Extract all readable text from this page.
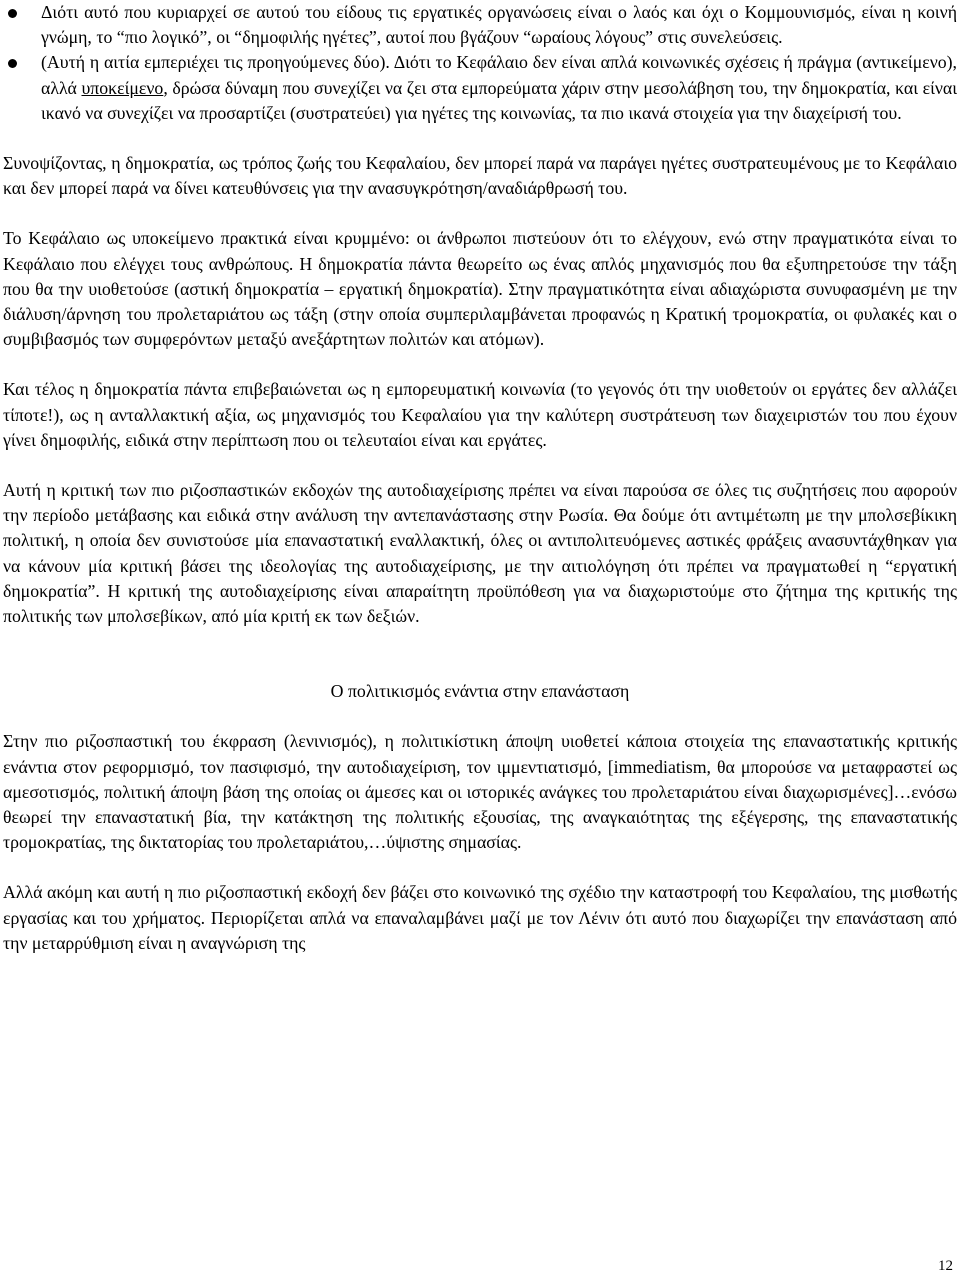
Διότι αυτό που κυριαρχεί σε αυτού του είδους τις εργατικές οργανώσεις είναι ο λαός και όχι ο Κομμουνισμός, είναι η κοινή γνώμη, το “πιο λογικό”, οι “δημοφιλής ηγέτες”, αυτοί που βγάζουν “ωραίους λόγους” στις συνελεύσεις.
(Αυτή η αιτία εμπεριέχει τις προηγούμενες δύο). Διότι το Κεφάλαιο δεν είναι απλά κοινωνικές σχέσεις ή πράγμα (αντικείμενο), αλλά υποκείμενο, δρώσα δύναμη που συνεχίζει να ζει στα εμπορεύματα χάριν στην μεσολάβηση του, την δημοκρατία, και είναι ικανό να συνεχίζει να προσαρτίζει (συστρατεύει) για ηγέτες της κοινωνίας, τα πιο ικανά στοιχεία για την διαχείρισή του.

Συνοψίζοντας, η δημοκρατία, ως τρόπος ζωής του Κεφαλαίου, δεν μπορεί παρά να παράγει ηγέτες συστρατευμένους με το Κεφάλαιο και δεν μπορεί παρά να δίνει κατευθύνσεις για την ανασυγκρότηση/αναδιάρθρωσή του.

Το Κεφάλαιο ως υποκείμενο πρακτικά είναι κρυμμένο: οι άνθρωποι πιστεύουν ότι το ελέγχουν, ενώ στην πραγματικότα είναι το Κεφάλαιο που ελέγχει τους ανθρώπους. Η δημοκρατία πάντα θεωρείτο ως ένας απλός μηχανισμός που θα εξυπηρετούσε την τάξη που θα την υιοθετούσε (αστική δημοκρατία – εργατική δημοκρατία). Στην πραγματικότητα είναι αδιαχώριστα συνυφασμένη με την διάλυση/άρνηση του προλεταριάτου ως τάξη (στην οποία συμπεριλαμβάνεται προφανώς η Κρατική τρομοκρατία, οι φυλακές και ο συμβιβασμός των συμφερόντων μεταξύ ανεξάρτητων πολιτών και ατόμων).

Και τέλος η δημοκρατία πάντα επιβεβαιώνεται ως η εμπορευματική κοινωνία (το γεγονός ότι την υιοθετούν οι εργάτες δεν αλλάζει τίποτε!), ως η ανταλλακτική αξία, ως μηχανισμός του Κεφαλαίου για την καλύτερη συστράτευση των διαχειριστών του που έχουν γίνει δημοφιλής, ειδικά στην περίπτωση που οι τελευταίοι είναι και εργάτες.

Αυτή η κριτική των πιο ριζοσπαστικών εκδοχών της αυτοδιαχείρισης πρέπει να είναι παρούσα σε όλες τις συζητήσεις που αφορούν την περίοδο μετάβασης και ειδικά στην ανάλυση την αντεπανάστασης στην Ρωσία. Θα δούμε ότι αντιμέτωπη με την μπολσεβίκικη πολιτική, η οποία δεν συνιστούσε μία επαναστατική εναλλακτική, όλες οι αντιπολιτευόμενες αστικές φράξεις ανασυντάχθηκαν για να κάνουν μία κριτική βάσει της ιδεολογίας της αυτοδιαχείρισης, με την αιτιολόγηση ότι πρέπει να πραγματωθεί η “εργατική δημοκρατία”. Η κριτική της αυτοδιαχείρισης είναι απαραίτητη προϋπόθεση για να διαχωριστούμε στο ζήτημα της κριτικής της πολιτικής των μπολσεβίκων, από μία κριτή εκ των δεξιών.

Ο πολιτικισμός ενάντια στην επανάσταση

Στην πιο ριζοσπαστική του έκφραση (λενινισμός), η πολιτικίστικη άποψη υιοθετεί κάποια στοιχεία της επαναστατικής κριτικής ενάντια στον ρεφορμισμό, τον πασιφισμό, την αυτοδιαχείριση, τον ιμμεντιατισμό, [immediatism, θα μπορούσε να μεταφραστεί ως αμεσοτισμός, πολιτική άποψη βάση της οποίας οι άμεσες και οι ιστορικές ανάγκες του προλεταριάτου είναι διαχωρισμένες]…ενόσω θεωρεί την επαναστατική βία, την κατάκτηση της πολιτικής εξουσίας, της αναγκαιότητας της εξέγερσης, της επαναστατικής τρομοκρατίας, της δικτατορίας του προλεταριάτου,…ύψιστης σημασίας.

Αλλά ακόμη και αυτή η πιο ριζοσπαστική εκδοχή δεν βάζει στο κοινωνικό της σχέδιο την καταστροφή του Κεφαλαίου, της μισθωτής εργασίας και του χρήματος. Περιορίζεται απλά να επαναλαμβάνει μαζί με τον Λένιν ότι αυτό που διαχωρίζει την επανάσταση από την μεταρρύθμιση είναι η αναγνώριση της

12
